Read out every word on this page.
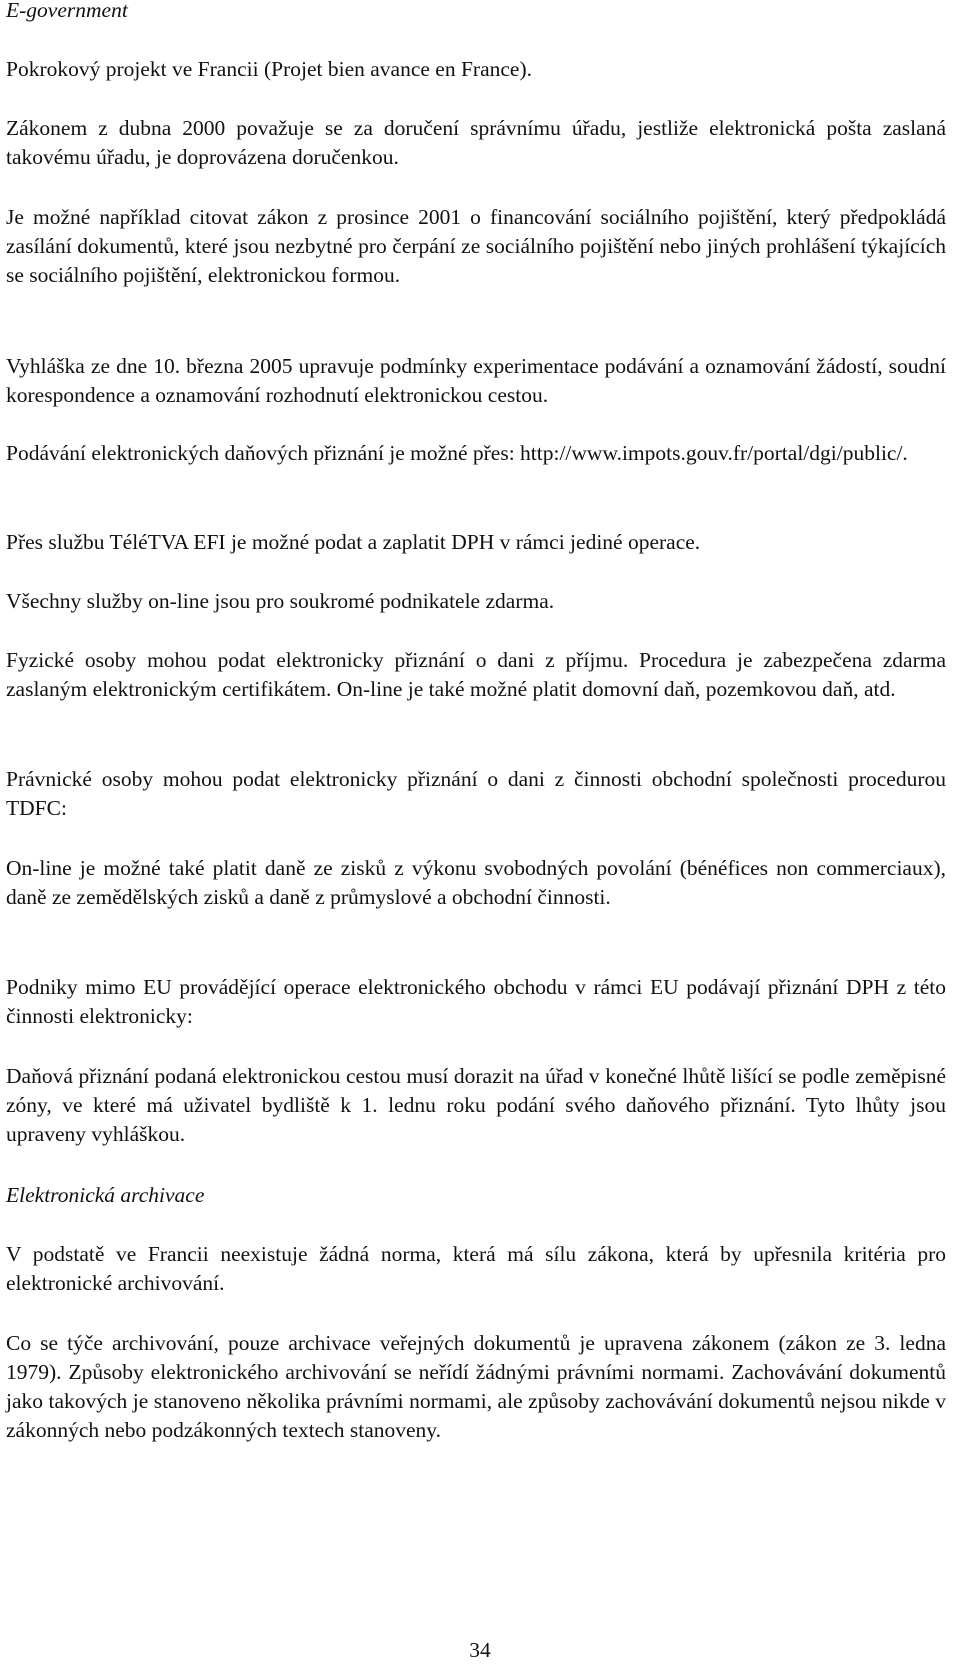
E-government

Pokrokový projekt ve Francii (Projet bien avance en France).

Zákonem z dubna 2000 považuje se za doručení správnímu úřadu, jestliže elektronická pošta zaslaná takovému úřadu, je doprovázena doručenkou.

Je možné například citovat zákon z prosince 2001 o financování sociálního pojištění, který předpokládá zasílání dokumentů, které jsou nezbytné pro čerpání ze sociálního pojištění nebo jiných prohlášení týkajících se sociálního pojištění, elektronickou formou.

Vyhláška ze dne 10. března 2005 upravuje podmínky experimentace podávání a oznamování žádostí, soudní korespondence a oznamování rozhodnutí elektronickou cestou.

Podávání elektronických daňových přiznání je možné přes: http://www.impots.gouv.fr/portal/dgi/public/.

Přes službu TéléTVA EFI je možné podat a zaplatit DPH v rámci jediné operace.

Všechny služby on-line jsou pro soukromé podnikatele zdarma.

Fyzické osoby mohou podat elektronicky přiznání o dani z příjmu. Procedura je zabezpečena zdarma zaslaným elektronickým certifikátem. On-line je také možné platit domovní daň, pozemkovou daň, atd.

Právnické osoby mohou podat elektronicky přiznání o dani z činnosti obchodní společnosti procedurou TDFC:

On-line je možné také platit daně ze zisků z výkonu svobodných povolání (bénéfices non commerciaux), daně ze zemědělských zisků a daně z průmyslové a obchodní činnosti.

Podniky mimo EU provádějící operace elektronického obchodu v rámci EU podávají přiznání DPH z této činnosti elektronicky:

Daňová přiznání podaná elektronickou cestou musí dorazit na úřad v konečné lhůtě lišící se podle zeměpisné zóny, ve které má uživatel bydliště k 1. lednu roku podání svého daňového přiznání. Tyto lhůty jsou upraveny vyhláškou.

Elektronická archivace

V podstatě ve Francii neexistuje žádná norma, která má sílu zákona, která by upřesnila kritéria pro elektronické archivování.

Co se týče archivování, pouze archivace veřejných dokumentů je upravena zákonem (zákon ze 3. ledna 1979). Způsoby elektronického archivování se neřídí žádnými právními normami. Zachovávání dokumentů jako takových je stanoveno několika právními normami, ale způsoby zachovávání dokumentů nejsou nikde v zákonných nebo podzákonných textech stanoveny.

34
